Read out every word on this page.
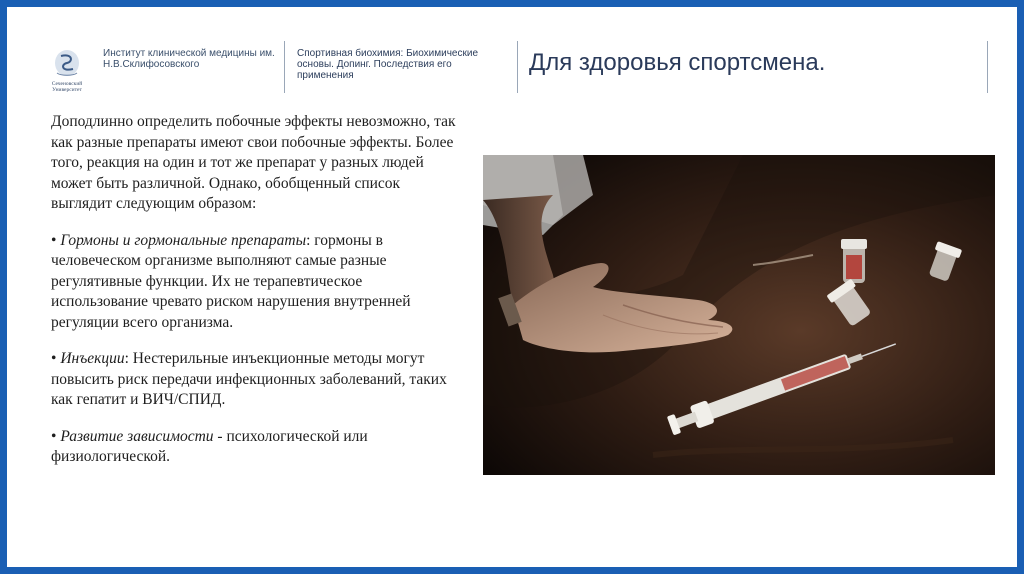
Сеченовский
Университет
Институт клинической медицины им. Н.В.Склифосовского
Спортивная биохимия: Биохимические основы. Допинг. Последствия его применения	Для здоровья спортсмена.

Доподлинно определить побочные эффекты невозможно, так как разные препараты имеют свои побочные эффекты. Более того, реакция на один и тот же препарат у разных людей может быть различной. Однако, обобщенный список выглядит следующим образом:

• Гормоны и гормональные препараты: гормоны в человеческом организме выполняют самые разные регулятивные функции. Их не терапевтическое использование чревато риском нарушения внутренней регуляции всего организма.

• Инъекции: Нестерильные инъекционные методы могут повысить риск передачи инфекционных заболеваний, таких как гепатит и ВИЧ/СПИД.

• Развитие зависимости - психологической или физиологической.
